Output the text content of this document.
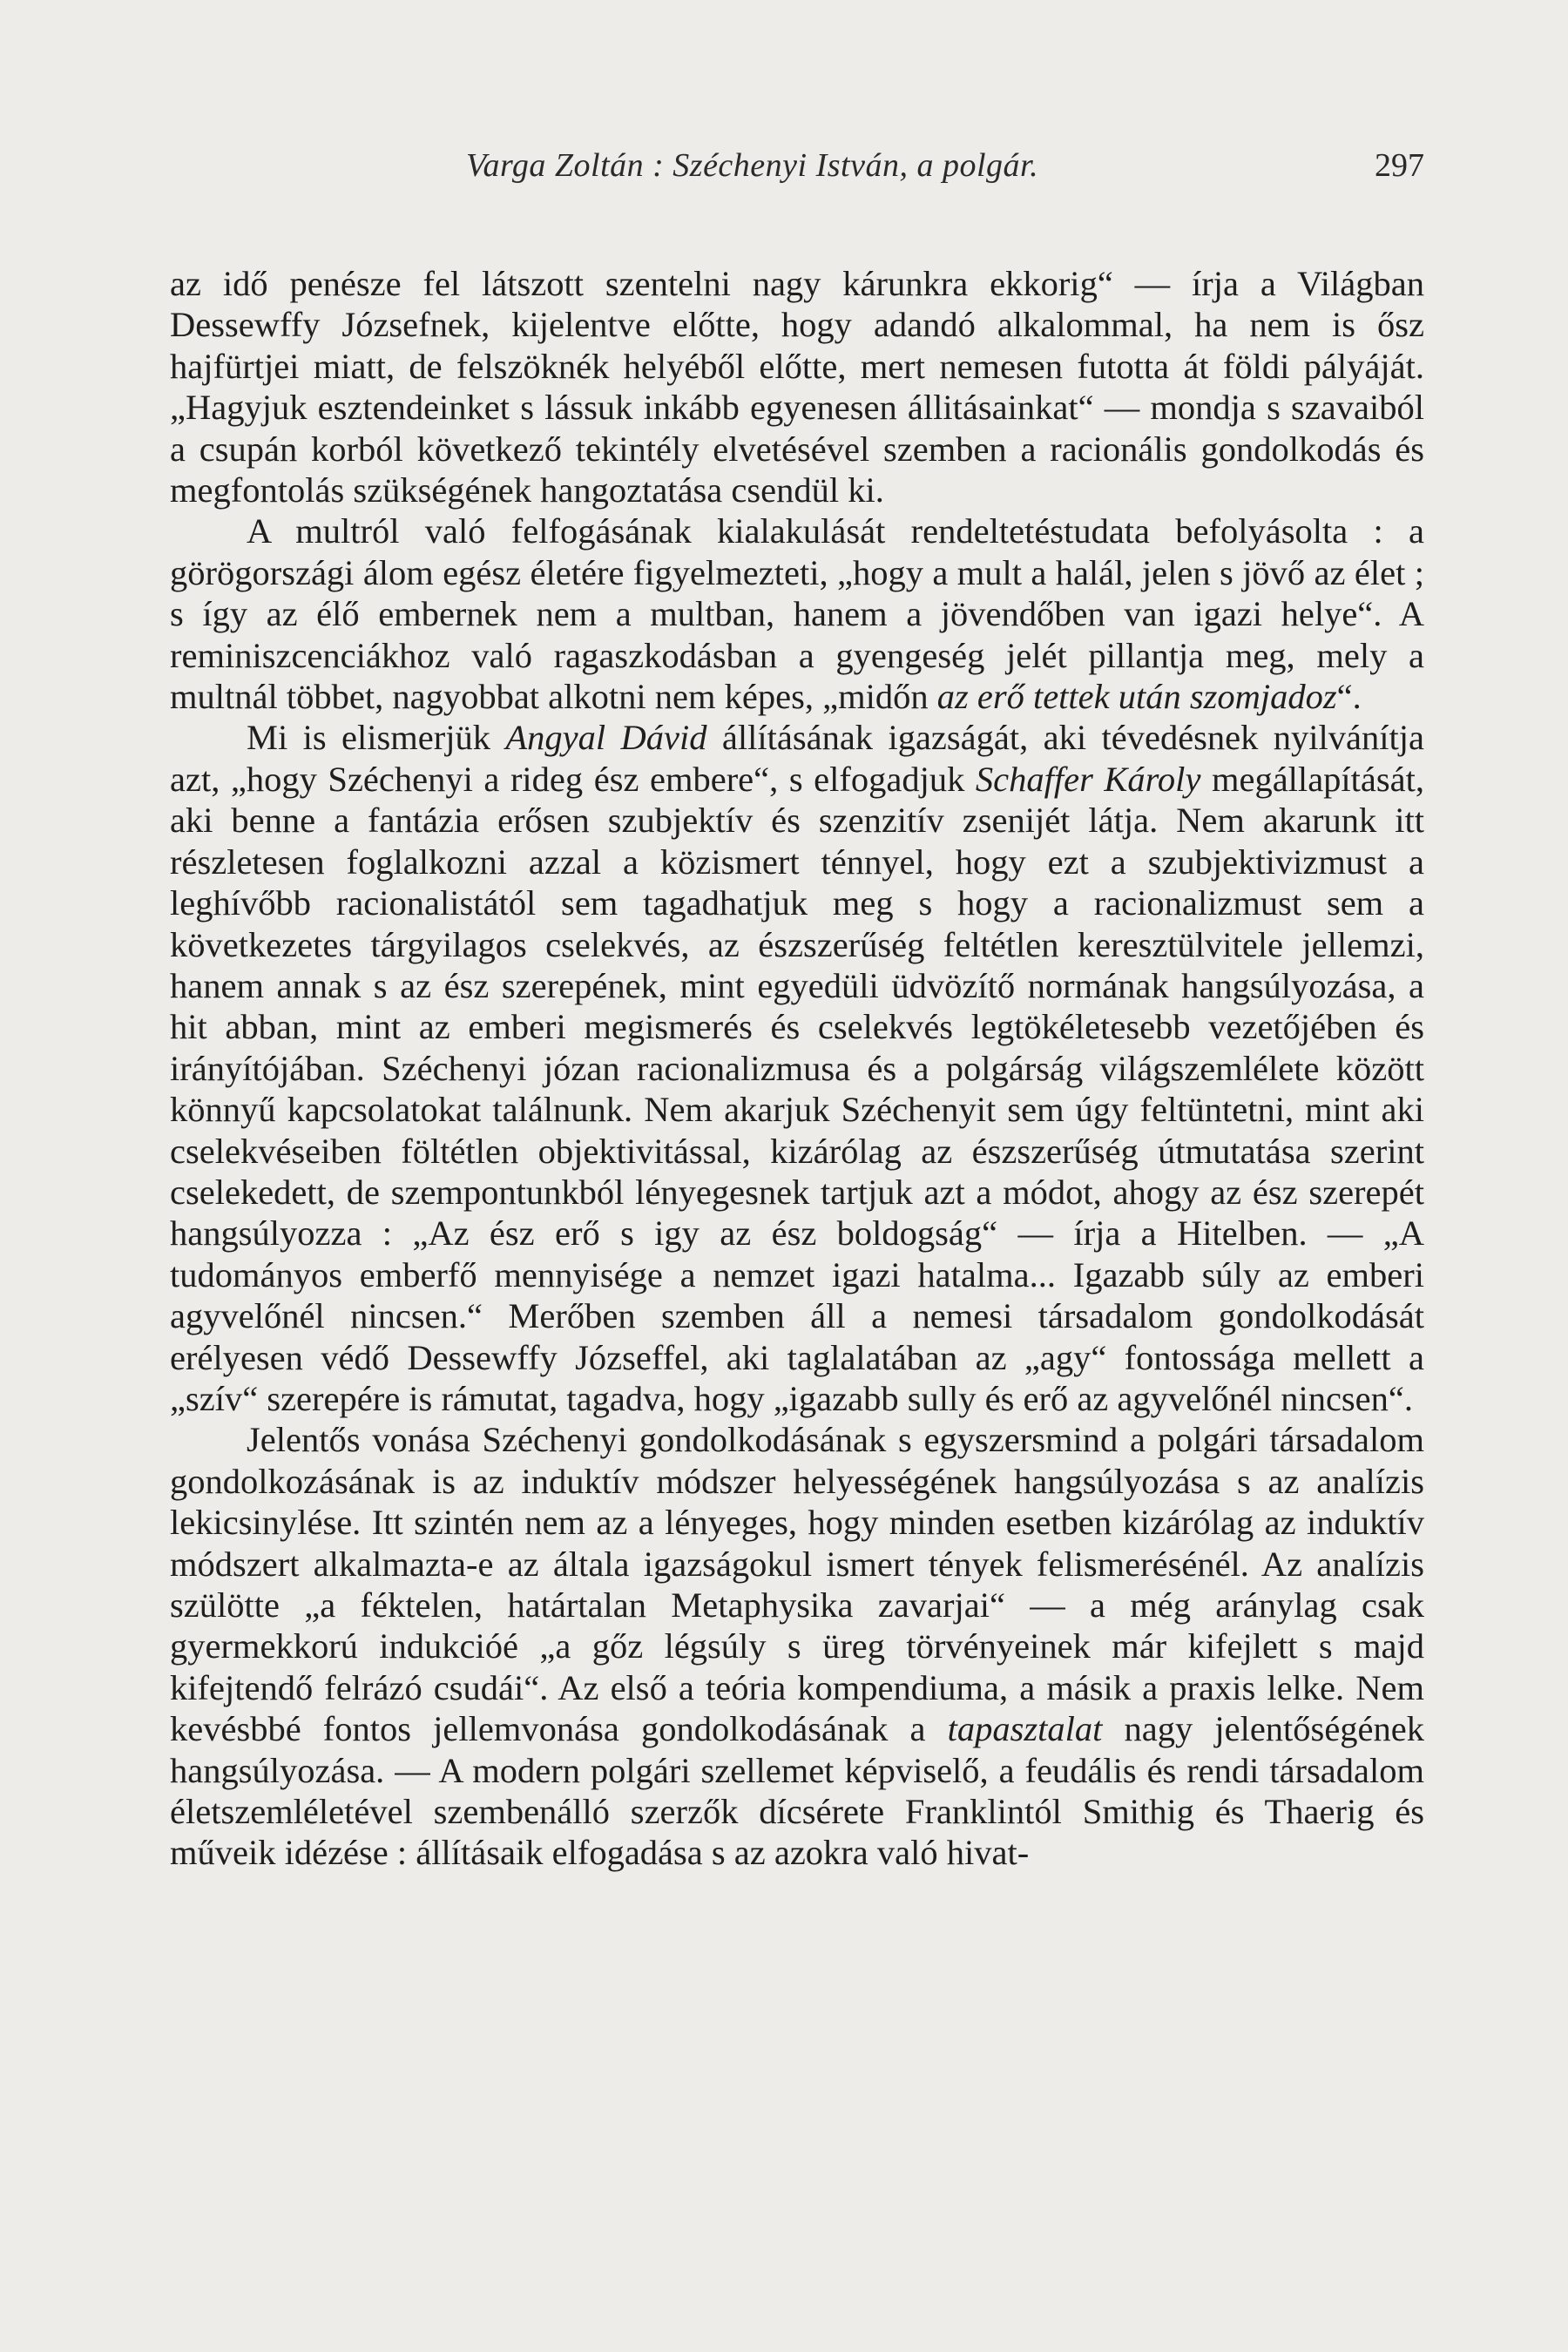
Varga Zoltán : Széchenyi István, a polgár.	297

az idő penésze fel látszott szentelni nagy kárunkra ekkorig“ — írja a Világban Dessewffy Józsefnek, kijelentve előtte, hogy adandó alkalommal, ha nem is ősz hajfürtjei miatt, de felszöknék helyéből előtte, mert nemesen futotta át földi pályáját. „Hagyjuk esztendeinket s lássuk inkább egyenesen állitásainkat“ — mondja s szavaiból a csupán korból következő tekintély elvetésével szemben a racionális gondolkodás és megfontolás szükségének hangoztatása csendül ki.

A multról való felfogásának kialakulását rendeltetéstudata befolyásolta : a görögországi álom egész életére figyelmezteti, „hogy a mult a halál, jelen s jövő az élet ; s így az élő embernek nem a multban, hanem a jövendőben van igazi helye“. A reminiszcenciákhoz való ragaszkodásban a gyengeség jelét pillantja meg, mely a multnál többet, nagyobbat alkotni nem képes, „midőn az erő tettek után szomjadoz“.

Mi is elismerjük Angyal Dávid állításának igazságát, aki tévedésnek nyilvánítja azt, „hogy Széchenyi a rideg ész embere“, s elfogadjuk Schaffer Károly megállapítását, aki benne a fantázia erősen szubjektív és szenzitív zsenijét látja. Nem akarunk itt részletesen foglalkozni azzal a közismert ténnyel, hogy ezt a szubjektivizmust a leghívőbb racionalistától sem tagadhatjuk meg s hogy a racionalizmust sem a következetes tárgyilagos cselekvés, az észszerűség feltétlen keresztülvitele jellemzi, hanem annak s az ész szerepének, mint egyedüli üdvözítő normának hangsúlyozása, a hit abban, mint az emberi megismerés és cselekvés legtökéletesebb vezetőjében és irányítójában. Széchenyi józan racionalizmusa és a polgárság világszemlélete között könnyű kapcsolatokat találnunk. Nem akarjuk Széchenyit sem úgy feltüntetni, mint aki cselekvéseiben föltétlen objektivitással, kizárólag az észszerűség útmutatása szerint cselekedett, de szempontunkból lényegesnek tartjuk azt a módot, ahogy az ész szerepét hangsúlyozza : „Az ész erő s igy az ész boldogság“ — írja a Hitelben. — „A tudományos emberfő mennyisége a nemzet igazi hatalma... Igazabb súly az emberi agyvelőnél nincsen.“ Merőben szemben áll a nemesi társadalom gondolkodását erélyesen védő Dessewffy Józseffel, aki taglalatában az „agy“ fontossága mellett a „szív“ szerepére is rámutat, tagadva, hogy „igazabb sully és erő az agyvelőnél nincsen“.

Jelentős vonása Széchenyi gondolkodásának s egyszersmind a polgári társadalom gondolkozásának is az induktív módszer helyességének hangsúlyozása s az analízis lekicsinylése. Itt szintén nem az a lényeges, hogy minden esetben kizárólag az induktív módszert alkalmazta-e az általa igazságokul ismert tények felismerésénél. Az analízis szülötte „a féktelen, határtalan Metaphysika zavarjai“ — a még aránylag csak gyermekkorú indukcióé „a gőz légsúly s üreg törvényeinek már kifejlett s majd kifejtendő felrázó csudái“. Az első a teória kompendiuma, a másik a praxis lelke. Nem kevésbbé fontos jellemvonása gondolkodásának a tapasztalat nagy jelentőségének hangsúlyozása. — A modern polgári szellemet képviselő, a feudális és rendi társadalom életszemléletével szembenálló szerzők dícsérete Franklintól Smithig és Thaerig és műveik idézése : állításaik elfogadása s az azokra való hivat-
